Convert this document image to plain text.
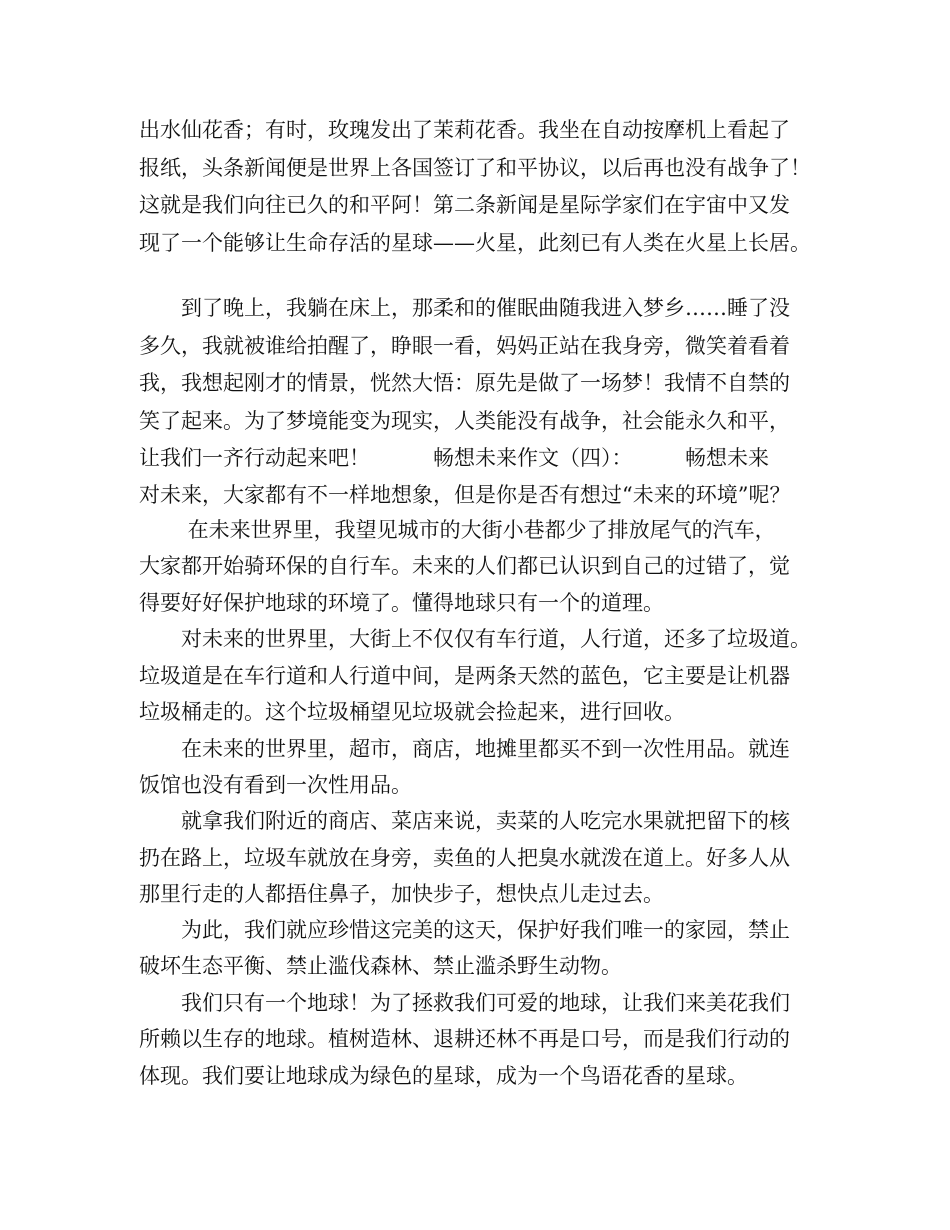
出水仙花香；有时，玫瑰发出了茉莉花香。我坐在自动按摩机上看起了
报纸，头条新闻便是世界上各国签订了和平协议，以后再也没有战争了！
这就是我们向往已久的和平阿！第二条新闻是星际学家们在宇宙中又发
现了一个能够让生命存活的星球——火星，此刻已有人类在火星上长居。
　　到了晚上，我躺在床上，那柔和的催眠曲随我进入梦乡……睡了没
多久，我就被谁给拍醒了，睁眼一看，妈妈正站在我身旁，微笑着看着
我，我想起刚才的情景，恍然大悟：原先是做了一场梦！我情不自禁的
笑了起来。为了梦境能变为现实，人类能没有战争，社会能永久和平，
让我们一齐行动起来吧！　　　畅想未来作文（四）：　　　畅想未来
对未来，大家都有不一样地想象，但是你是否有想过“未来的环境”呢？
　　 在未来世界里，我望见城市的大街小巷都少了排放尾气的汽车，
大家都开始骑环保的自行车。未来的人们都已认识到自己的过错了，觉
得要好好保护地球的环境了。懂得地球只有一个的道理。
　　对未来的世界里，大街上不仅仅有车行道，人行道，还多了垃圾道。
垃圾道是在车行道和人行道中间，是两条天然的蓝色，它主要是让机器
垃圾桶走的。这个垃圾桶望见垃圾就会捡起来，进行回收。
　　在未来的世界里，超市，商店，地摊里都买不到一次性用品。就连
饭馆也没有看到一次性用品。
　　就拿我们附近的商店、菜店来说，卖菜的人吃完水果就把留下的核
扔在路上，垃圾车就放在身旁，卖鱼的人把臭水就泼在道上。好多人从
那里行走的人都捂住鼻子，加快步子，想快点儿走过去。
　　为此，我们就应珍惜这完美的这天，保护好我们唯一的家园，禁止
破坏生态平衡、禁止滥伐森林、禁止滥杀野生动物。
　　我们只有一个地球！为了拯救我们可爱的地球，让我们来美花我们
所赖以生存的地球。植树造林、退耕还林不再是口号，而是我们行动的
体现。我们要让地球成为绿色的星球，成为一个鸟语花香的星球。
